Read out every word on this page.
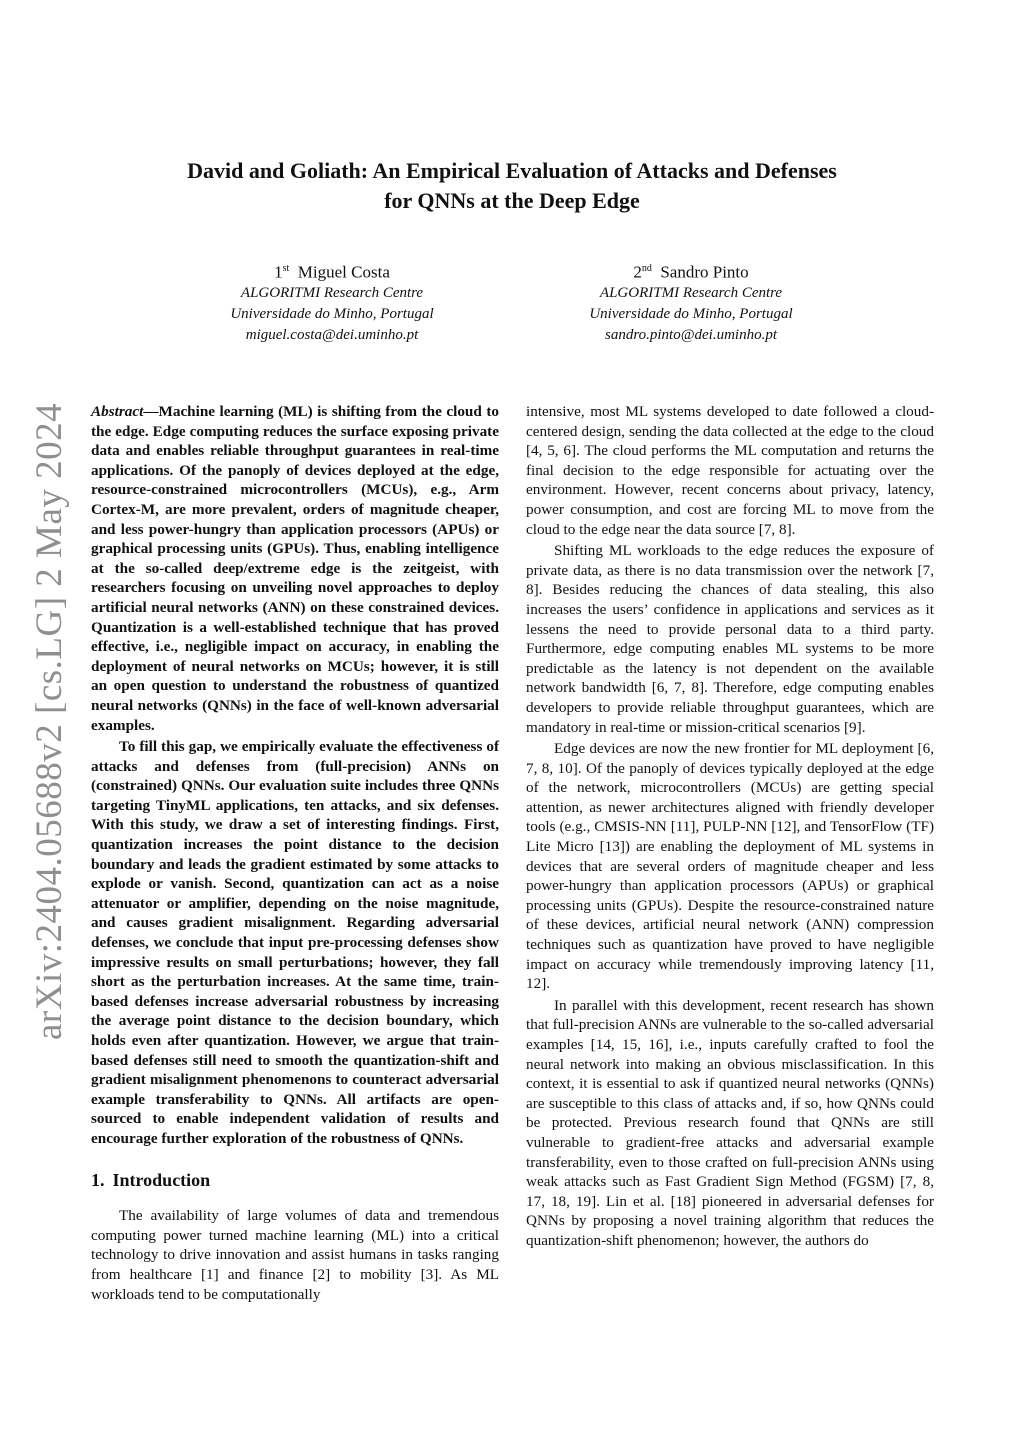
arXiv:2404.05688v2 [cs.LG] 2 May 2024
David and Goliath: An Empirical Evaluation of Attacks and Defenses
for QNNs at the Deep Edge
1st Miguel Costa
ALGORITMI Research Centre
Universidade do Minho, Portugal
miguel.costa@dei.uminho.pt
2nd Sandro Pinto
ALGORITMI Research Centre
Universidade do Minho, Portugal
sandro.pinto@dei.uminho.pt

Abstract—Machine learning (ML) is shifting from the cloud to the edge. Edge computing reduces the surface exposing private data and enables reliable throughput guarantees in real-time applications. Of the panoply of devices deployed at the edge, resource-constrained microcontrollers (MCUs), e.g., Arm Cortex-M, are more prevalent, orders of magnitude cheaper, and less power-hungry than application processors (APUs) or graphical processing units (GPUs). Thus, enabling intelligence at the so-called deep/extreme edge is the zeitgeist, with researchers focusing on unveiling novel approaches to deploy artificial neural networks (ANN) on these constrained devices. Quantization is a well-established technique that has proved effective, i.e., negligible impact on accuracy, in enabling the deployment of neural networks on MCUs; however, it is still an open question to understand the robustness of quantized neural networks (QNNs) in the face of well-known adversarial examples.

To fill this gap, we empirically evaluate the effectiveness of attacks and defenses from (full-precision) ANNs on (constrained) QNNs. Our evaluation suite includes three QNNs targeting TinyML applications, ten attacks, and six defenses. With this study, we draw a set of interesting findings. First, quantization increases the point distance to the decision boundary and leads the gradient estimated by some attacks to explode or vanish. Second, quantization can act as a noise attenuator or amplifier, depending on the noise magnitude, and causes gradient misalignment. Regarding adversarial defenses, we conclude that input pre-processing defenses show impressive results on small perturbations; however, they fall short as the perturbation increases. At the same time, train-based defenses increase adversarial robustness by increasing the average point distance to the decision boundary, which holds even after quantization. However, we argue that train-based defenses still need to smooth the quantization-shift and gradient misalignment phenomenons to counteract adversarial example transferability to QNNs. All artifacts are open-sourced to enable independent validation of results and encourage further exploration of the robustness of QNNs.

1. Introduction

The availability of large volumes of data and tremendous computing power turned machine learning (ML) into a critical technology to drive innovation and assist humans in tasks ranging from healthcare [1] and finance [2] to mobility [3]. As ML workloads tend to be computationally

intensive, most ML systems developed to date followed a cloud-centered design, sending the data collected at the edge to the cloud [4, 5, 6]. The cloud performs the ML computation and returns the final decision to the edge responsible for actuating over the environment. However, recent concerns about privacy, latency, power consumption, and cost are forcing ML to move from the cloud to the edge near the data source [7, 8].

Shifting ML workloads to the edge reduces the exposure of private data, as there is no data transmission over the network [7, 8]. Besides reducing the chances of data stealing, this also increases the users’ confidence in applications and services as it lessens the need to provide personal data to a third party. Furthermore, edge computing enables ML systems to be more predictable as the latency is not dependent on the available network bandwidth [6, 7, 8]. Therefore, edge computing enables developers to provide reliable throughput guarantees, which are mandatory in real-time or mission-critical scenarios [9].

Edge devices are now the new frontier for ML deployment [6, 7, 8, 10]. Of the panoply of devices typically deployed at the edge of the network, microcontrollers (MCUs) are getting special attention, as newer architectures aligned with friendly developer tools (e.g., CMSIS-NN [11], PULP-NN [12], and TensorFlow (TF) Lite Micro [13]) are enabling the deployment of ML systems in devices that are several orders of magnitude cheaper and less power-hungry than application processors (APUs) or graphical processing units (GPUs). Despite the resource-constrained nature of these devices, artificial neural network (ANN) compression techniques such as quantization have proved to have negligible impact on accuracy while tremendously improving latency [11, 12].

In parallel with this development, recent research has shown that full-precision ANNs are vulnerable to the so-called adversarial examples [14, 15, 16], i.e., inputs carefully crafted to fool the neural network into making an obvious misclassification. In this context, it is essential to ask if quantized neural networks (QNNs) are susceptible to this class of attacks and, if so, how QNNs could be protected. Previous research found that QNNs are still vulnerable to gradient-free attacks and adversarial example transferability, even to those crafted on full-precision ANNs using weak attacks such as Fast Gradient Sign Method (FGSM) [7, 8, 17, 18, 19]. Lin et al. [18] pioneered in adversarial defenses for QNNs by proposing a novel training algorithm that reduces the quantization-shift phenomenon; however, the authors do
